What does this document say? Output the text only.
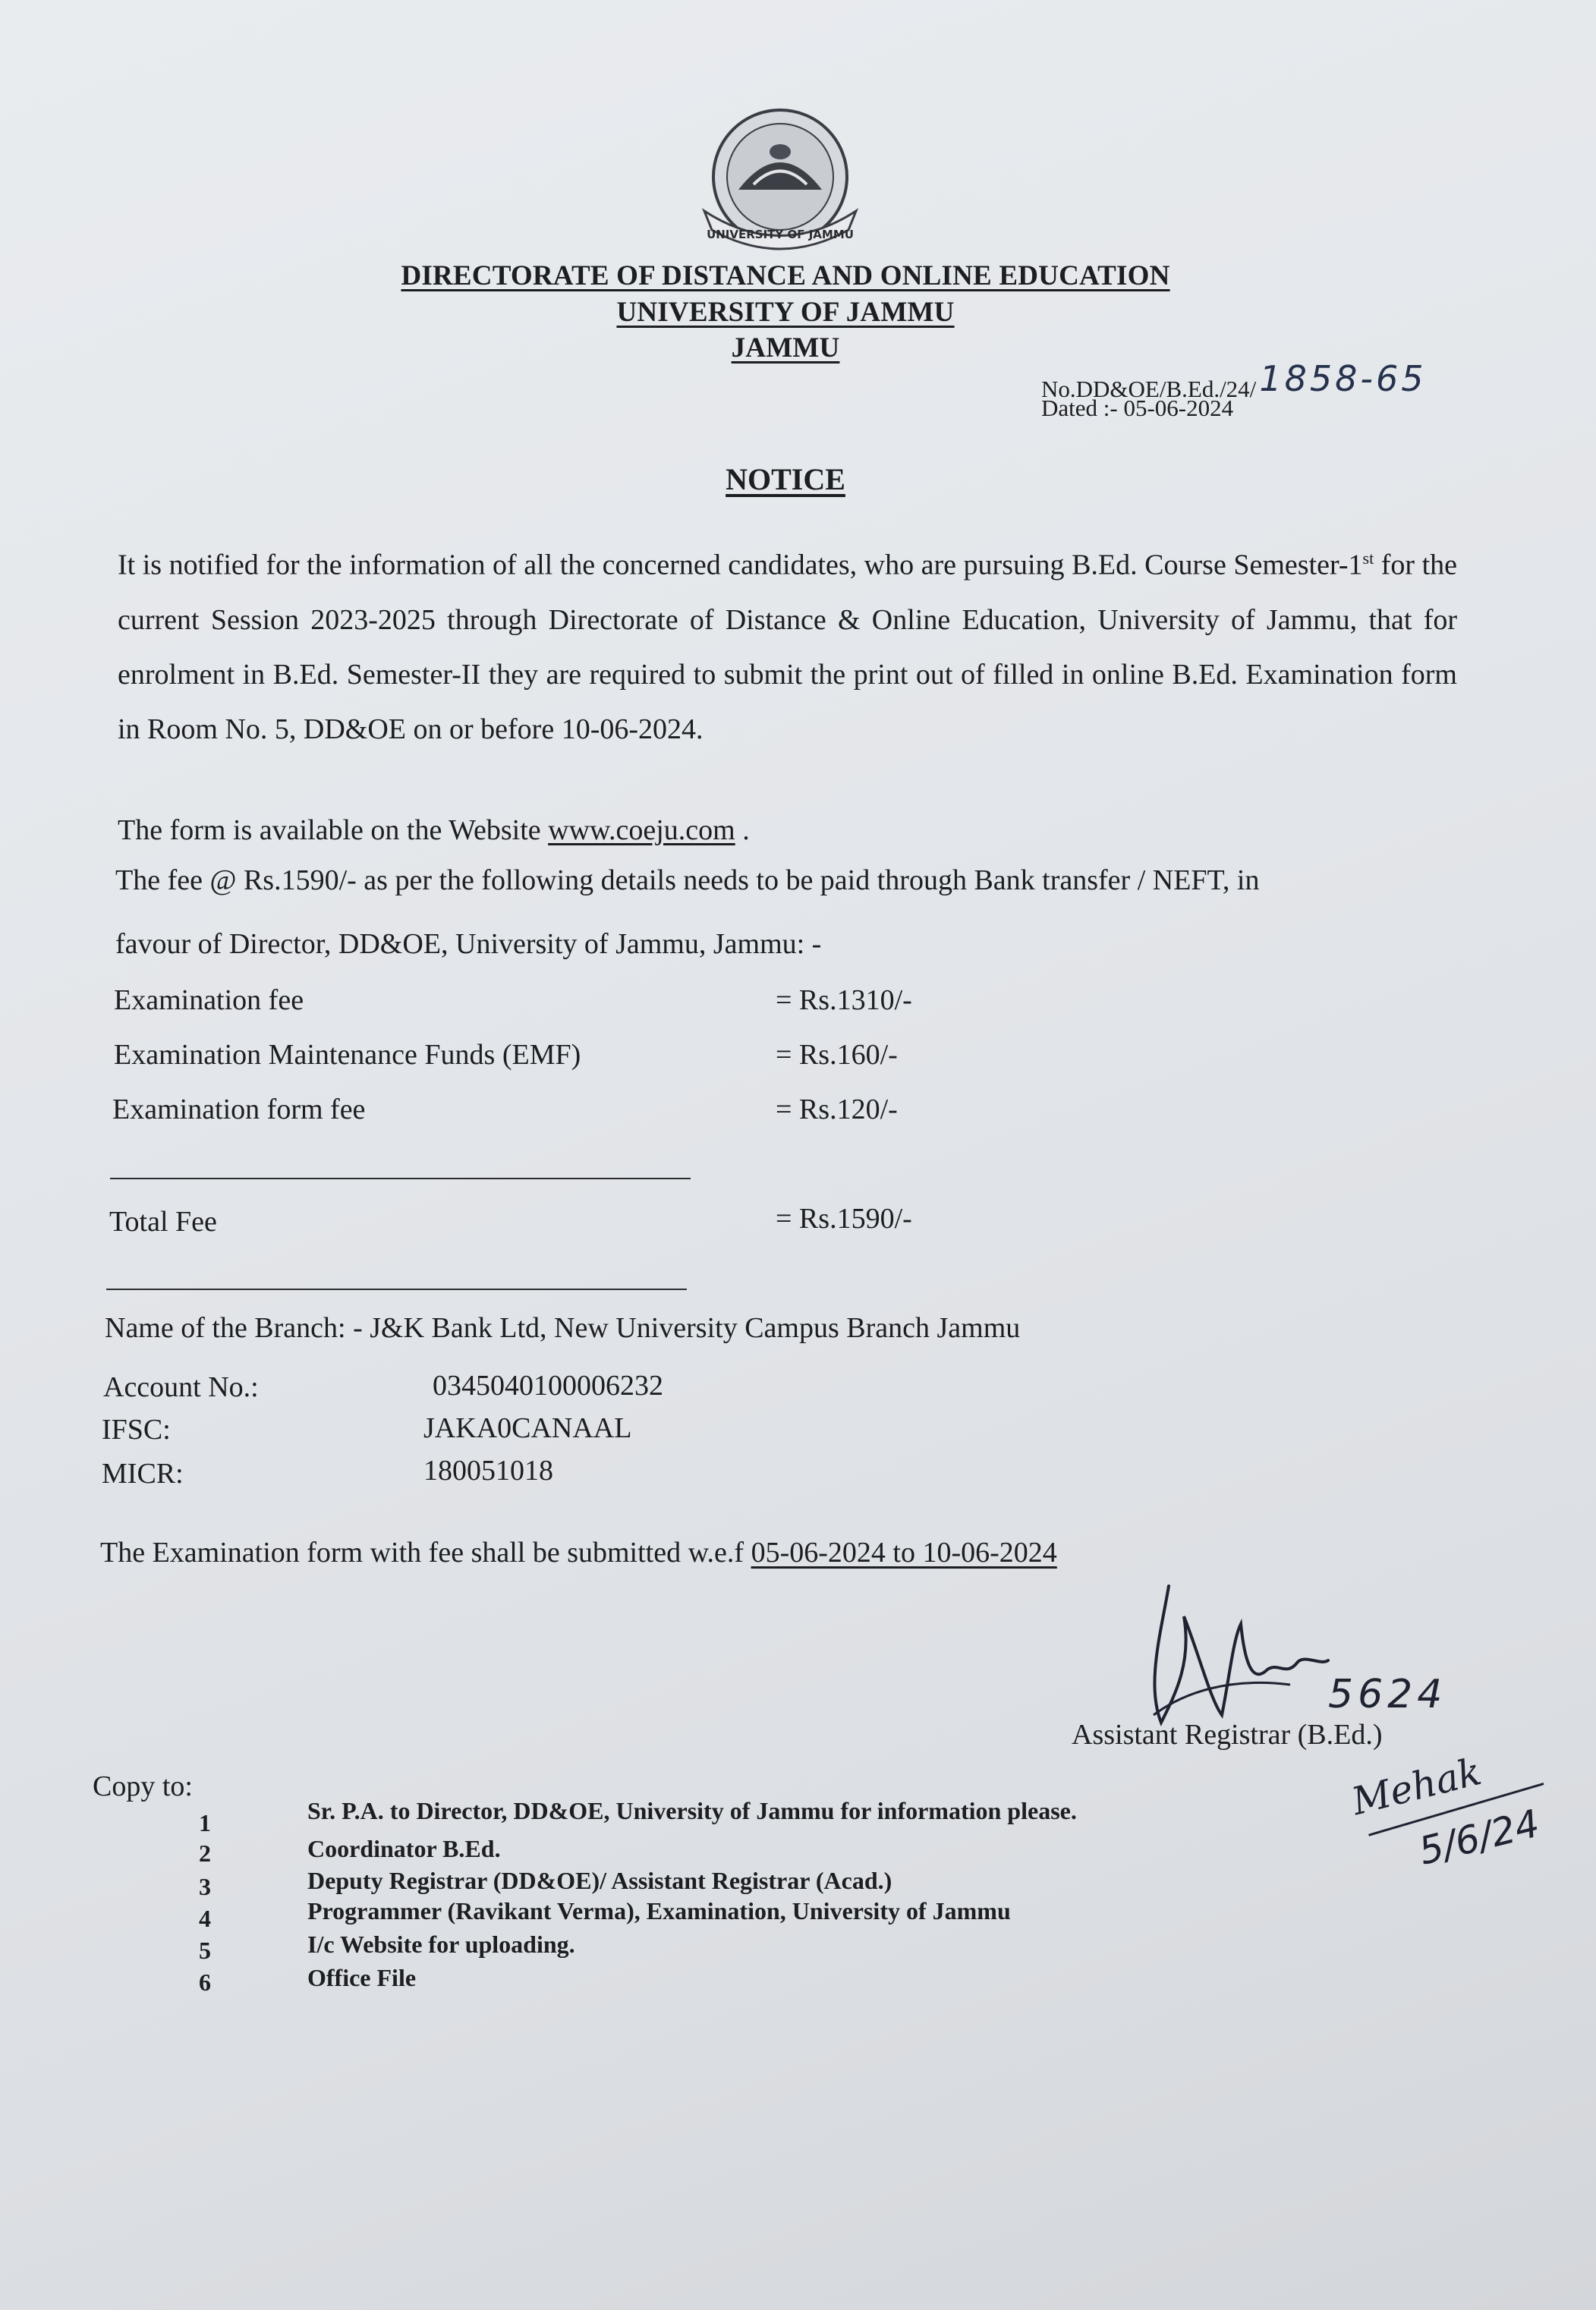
UNIVERSITY OF JAMMU
DIRECTORATE OF DISTANCE AND ONLINE EDUCATION
UNIVERSITY OF JAMMU
JAMMU
No.DD&OE/B.Ed./24/1858-65
Dated :- 05-06-2024
NOTICE
It is notified for the information of all the concerned candidates, who are pursuing B.Ed. Course Semester-1st for the current Session 2023-2025 through Directorate of Distance & Online Education, University of Jammu, that for enrolment in B.Ed. Semester-II they are required to submit the print out of filled in online B.Ed. Examination form in Room No. 5, DD&OE on or before 10-06-2024.
The form is available on the Website www.coeju.com .
The fee @ Rs.1590/- as per the following details needs to be paid through Bank transfer / NEFT, in
favour of Director, DD&OE, University of Jammu, Jammu: -
Examination fee	= Rs.1310/-
Examination Maintenance Funds (EMF)	= Rs.160/-
Examination form fee	= Rs.120/-
Total Fee	= Rs.1590/-
Name of the Branch: - J&K Bank Ltd, New University Campus Branch Jammu
Account No.:	0345040100006232
IFSC:	JAKA0CANAAL
MICR:	180051018
The Examination form with fee shall be submitted w.e.f 05-06-2024 to 10-06-2024
5624
Assistant Registrar (B.Ed.)
Mehak
5/6/24
Copy to:
1	Sr. P.A. to Director, DD&OE, University of Jammu for information please.
2	Coordinator B.Ed.
3	Deputy Registrar (DD&OE)/ Assistant Registrar (Acad.)
4	Programmer (Ravikant Verma), Examination, University of Jammu
5	I/c Website for uploading.
6	Office File
